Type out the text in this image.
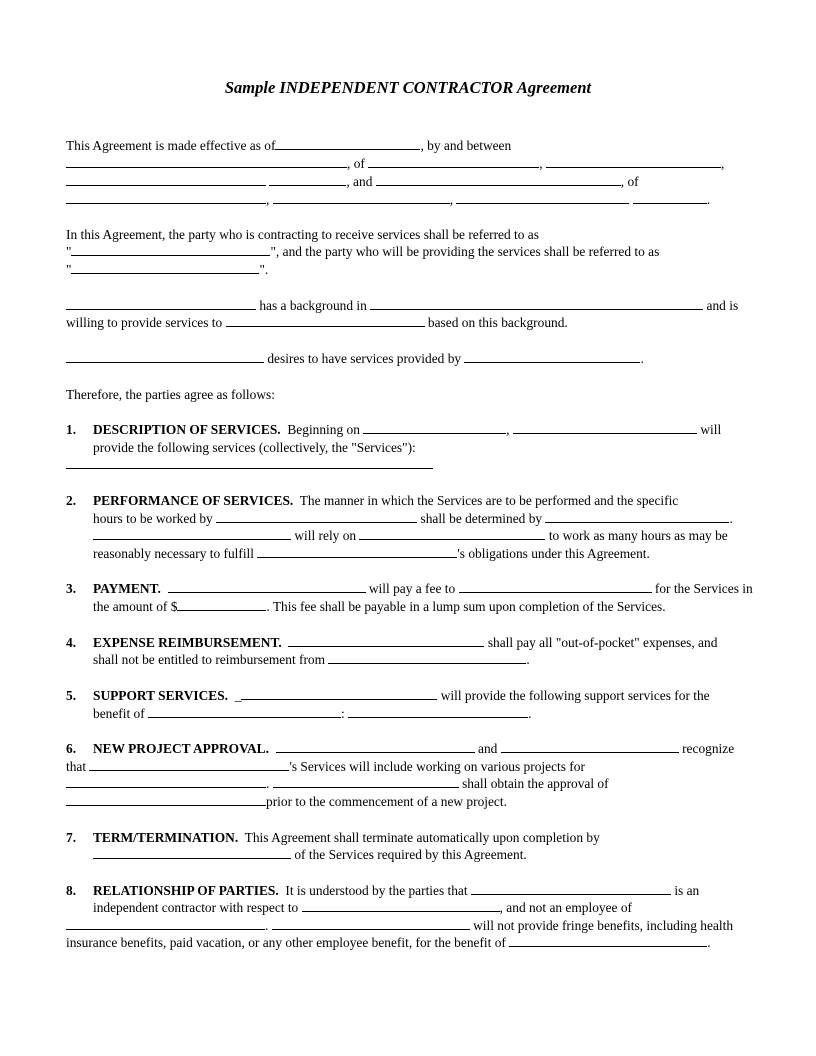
Sample INDEPENDENT CONTRACTOR Agreement
This Agreement is made effective as of	, by and between
, of	,	,
, and	, of
,	,	.
In this Agreement, the party who is contracting to receive services shall be referred to as
"	", and the party who will be providing the services shall be referred to as
"	".
has a background in	and is
willing to provide services to	based on this background.
desires to have services provided by	.
Therefore, the parties agree as follows:
1. DESCRIPTION OF SERVICES. Beginning on	,	will
provide the following services (collectively, the "Services"):
2. PERFORMANCE OF SERVICES. The manner in which the Services are to be performed and the specific
hours to be worked by	shall be determined by	.
will rely on	to work as many hours as may be
reasonably necessary to fulfill	's obligations under this Agreement.
3. PAYMENT.	will pay a fee to	for the Services in
the amount of $	. This fee shall be payable in a lump sum upon completion of the Services.
4. EXPENSE REIMBURSEMENT.	shall pay all "out-of-pocket" expenses, and
shall not be entitled to reimbursement from	.
5. SUPPORT SERVICES. _	will provide the following support services for the
benefit of	:	.
6. NEW PROJECT APPROVAL.	and	recognize
that	's Services will include working on various projects for
.	shall obtain the approval of
prior to the commencement of a new project.
7. TERM/TERMINATION. This Agreement shall terminate automatically upon completion by
of the Services required by this Agreement.
8. RELATIONSHIP OF PARTIES. It is understood by the parties that	is an
independent contractor with respect to	, and not an employee of
.	will not provide fringe benefits, including health
insurance benefits, paid vacation, or any other employee benefit, for the benefit of	.
